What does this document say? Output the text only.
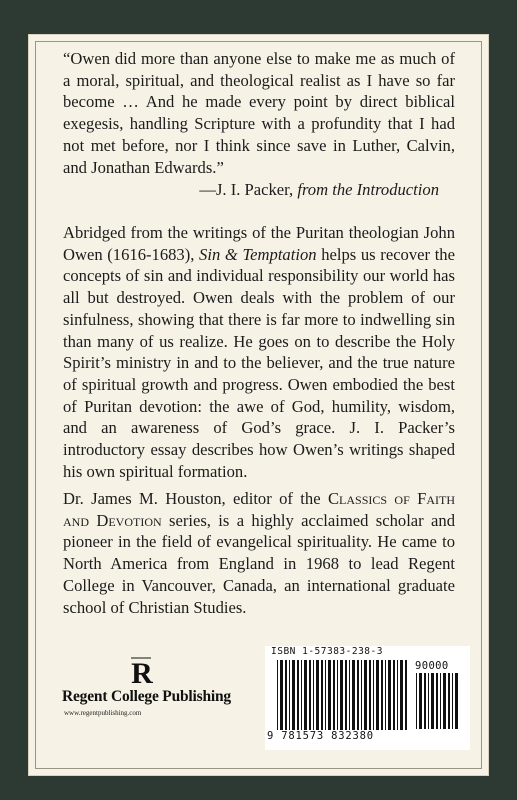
“Owen did more than anyone else to make me as much of a moral, spiritual, and theological realist as I have so far become … And he made every point by direct biblical exegesis, handling Scripture with a profundity that I had not met before, nor I think since save in Luther, Calvin, and Jonathan Edwards.”
—J. I. Packer, from the Introduction
Abridged from the writings of the Puritan theologian John Owen (1616-1683), Sin & Temptation helps us recover the concepts of sin and individual responsibility our world has all but destroyed. Owen deals with the problem of our sinfulness, showing that there is far more to indwelling sin than many of us realize. He goes on to describe the Holy Spirit’s ministry in and to the believer, and the true nature of spiritual growth and progress. Owen embodied the best of Puritan devotion: the awe of God, humility, wisdom, and an awareness of God’s grace. J. I. Packer’s introductory essay describes how Owen’s writings shaped his own spiritual formation.
Dr. James M. Houston, editor of the Classics of Faith and Devotion series, is a highly acclaimed scholar and pioneer in the field of evangelical spirituality. He came to North America from England in 1968 to lead Regent College in Vancouver, Canada, an international graduate school of Christian Studies.
R
Regent College Publishing
www.regentpublishing.com
ISBN 1-57383-238-3
90000
9 781573 832380
